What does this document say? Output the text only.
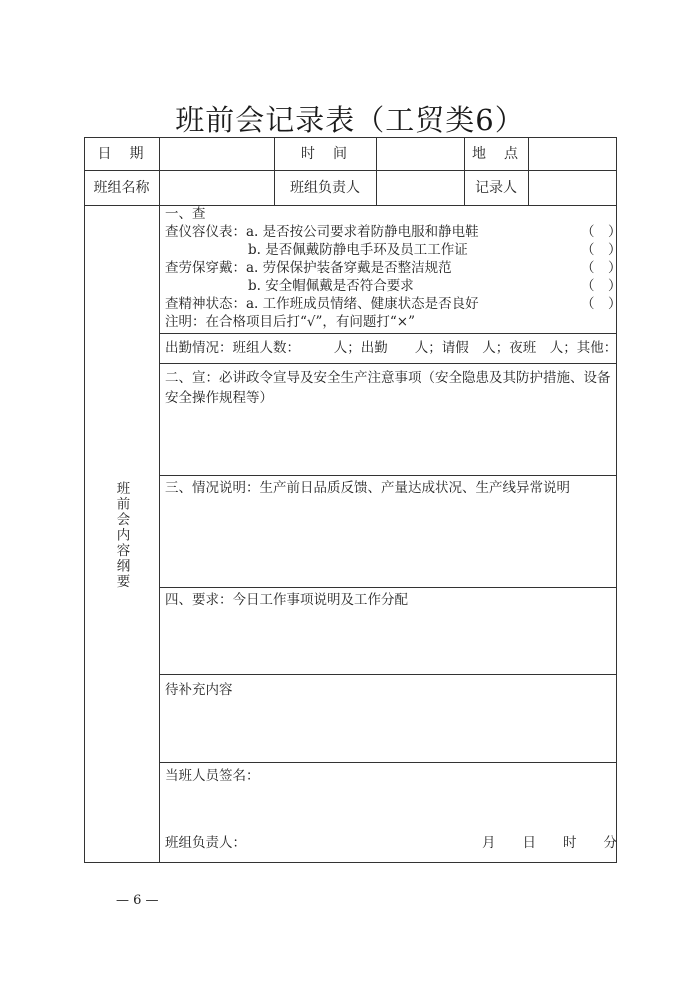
班前会记录表（工贸类6）
日　期	时　间	地　点
班组名称	班组负责人	记录人
班前会内容纲要
一、查
查仪容仪表：a. 是否按公司要求着防静电服和静电鞋	（　）
b. 是否佩戴防静电手环及员工工作证	（　）
查劳保穿戴：a. 劳保保护装备穿戴是否整洁规范	（　）
b. 安全帽佩戴是否符合要求	（　）
查精神状态：a. 工作班成员情绪、健康状态是否良好	（　）
注明：在合格项目后打“√”，有问题打“×”
出勤情况：班组人数：　　　人；出勤　　人；请假　人；夜班　人；其他：
二、宣：必讲政令宣导及安全生产注意事项（安全隐患及其防护措施、设备安全操作规程等）
三、情况说明：生产前日品质反馈、产量达成状况、生产线异常说明
四、要求：今日工作事项说明及工作分配
待补充内容
当班人员签名：
班组负责人：	月　　日　　时　　分
— 6 —
